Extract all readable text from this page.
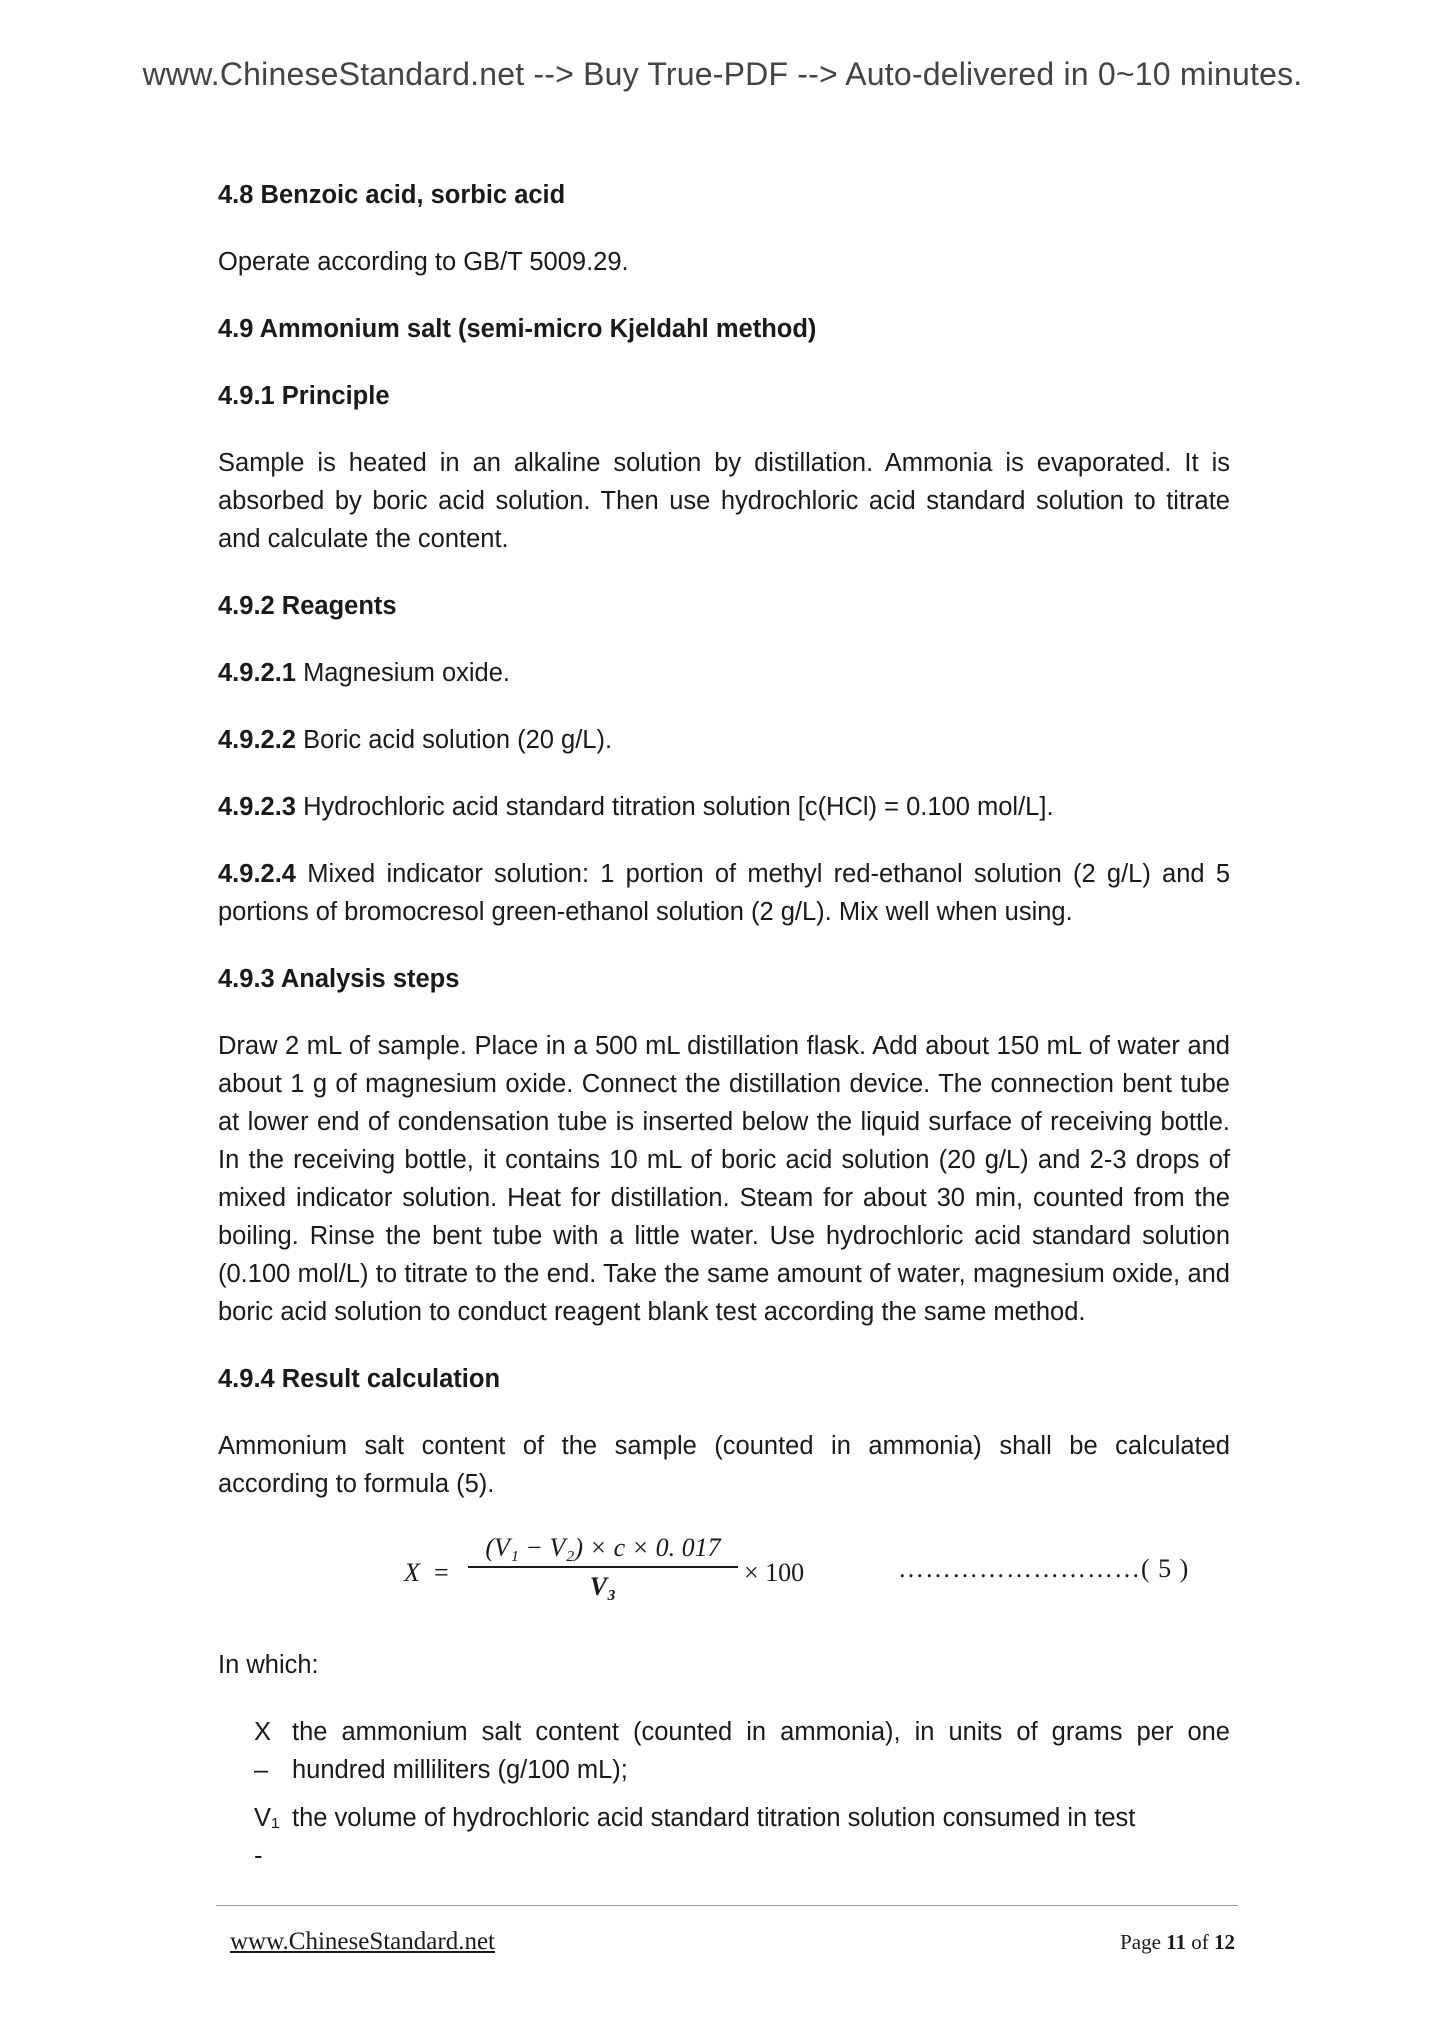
www.ChineseStandard.net --> Buy True-PDF --> Auto-delivered in 0~10 minutes.

4.8 Benzoic acid, sorbic acid

Operate according to GB/T 5009.29.

4.9 Ammonium salt (semi-micro Kjeldahl method)

4.9.1 Principle

Sample is heated in an alkaline solution by distillation. Ammonia is evaporated. It is absorbed by boric acid solution. Then use hydrochloric acid standard solution to titrate and calculate the content.

4.9.2 Reagents

4.9.2.1 Magnesium oxide.

4.9.2.2 Boric acid solution (20 g/L).

4.9.2.3 Hydrochloric acid standard titration solution [c(HCl) = 0.100 mol/L].

4.9.2.4 Mixed indicator solution: 1 portion of methyl red-ethanol solution (2 g/L) and 5 portions of bromocresol green-ethanol solution (2 g/L). Mix well when using.

4.9.3 Analysis steps

Draw 2 mL of sample. Place in a 500 mL distillation flask. Add about 150 mL of water and about 1 g of magnesium oxide. Connect the distillation device. The connection bent tube at lower end of condensation tube is inserted below the liquid surface of receiving bottle. In the receiving bottle, it contains 10 mL of boric acid solution (20 g/L) and 2-3 drops of mixed indicator solution. Heat for distillation. Steam for about 30 min, counted from the boiling. Rinse the bent tube with a little water. Use hydrochloric acid standard solution (0.100 mol/L) to titrate to the end. Take the same amount of water, magnesium oxide, and boric acid solution to conduct reagent blank test according the same method.

4.9.4 Result calculation

Ammonium salt content of the sample (counted in ammonia) shall be calculated according to formula (5).

X =
(V₁ − V₂) × c × 0. 017
V₃	× 100	………………………( 5 )

In which:

X –
the ammonium salt content (counted in ammonia), in units of grams per one hundred milliliters (g/100 mL);
V₁ -
the volume of hydrochloric acid standard titration solution consumed in test
www.ChineseStandard.net	Page 11 of 12
